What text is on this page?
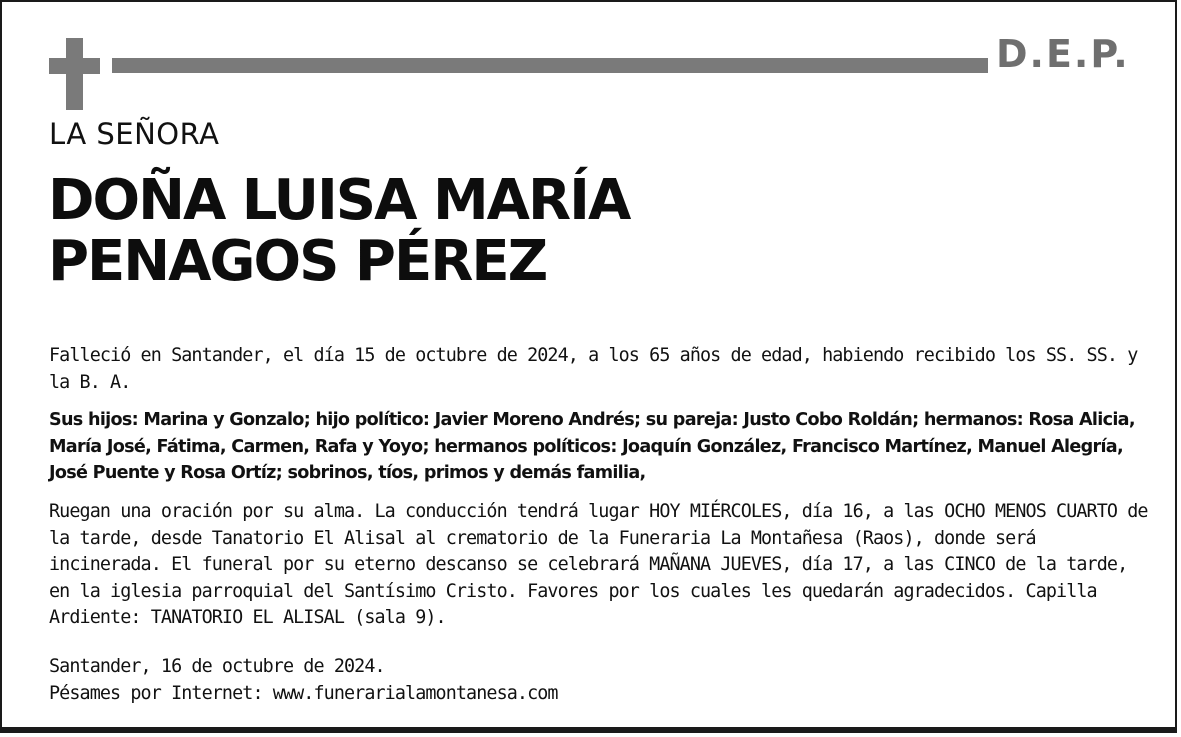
D.E.P.
LA SEÑORA
DOÑA LUISA MARÍA
PENAGOS PÉREZ
Falleció en Santander, el día 15 de octubre de 2024, a los 65 años de edad, habiendo recibido los SS. SS. y la B. A.
Sus hijos: Marina y Gonzalo; hijo político: Javier Moreno Andrés; su pareja: Justo Cobo Roldán; hermanos: Rosa Alicia, María José, Fátima, Carmen, Rafa y Yoyo; hermanos políticos: Joaquín González, Francisco Martínez, Manuel Alegría, José Puente y Rosa Ortíz; sobrinos, tíos, primos y demás familia,
Ruegan una oración por su alma. La conducción tendrá lugar HOY MIÉRCOLES, día 16, a las OCHO MENOS CUARTO de la tarde, desde Tanatorio El Alisal al crematorio de la Funeraria La Montañesa (Raos), donde será incinerada. El funeral por su eterno descanso se celebrará MAÑANA JUEVES, día 17, a las CINCO de la tarde, en la iglesia parroquial del Santísimo Cristo. Favores por los cuales les quedarán agradecidos. Capilla Ardiente: TANATORIO EL ALISAL (sala 9).
Santander, 16 de octubre de 2024.
Pésames por Internet: www.funerarialamontanesa.com
